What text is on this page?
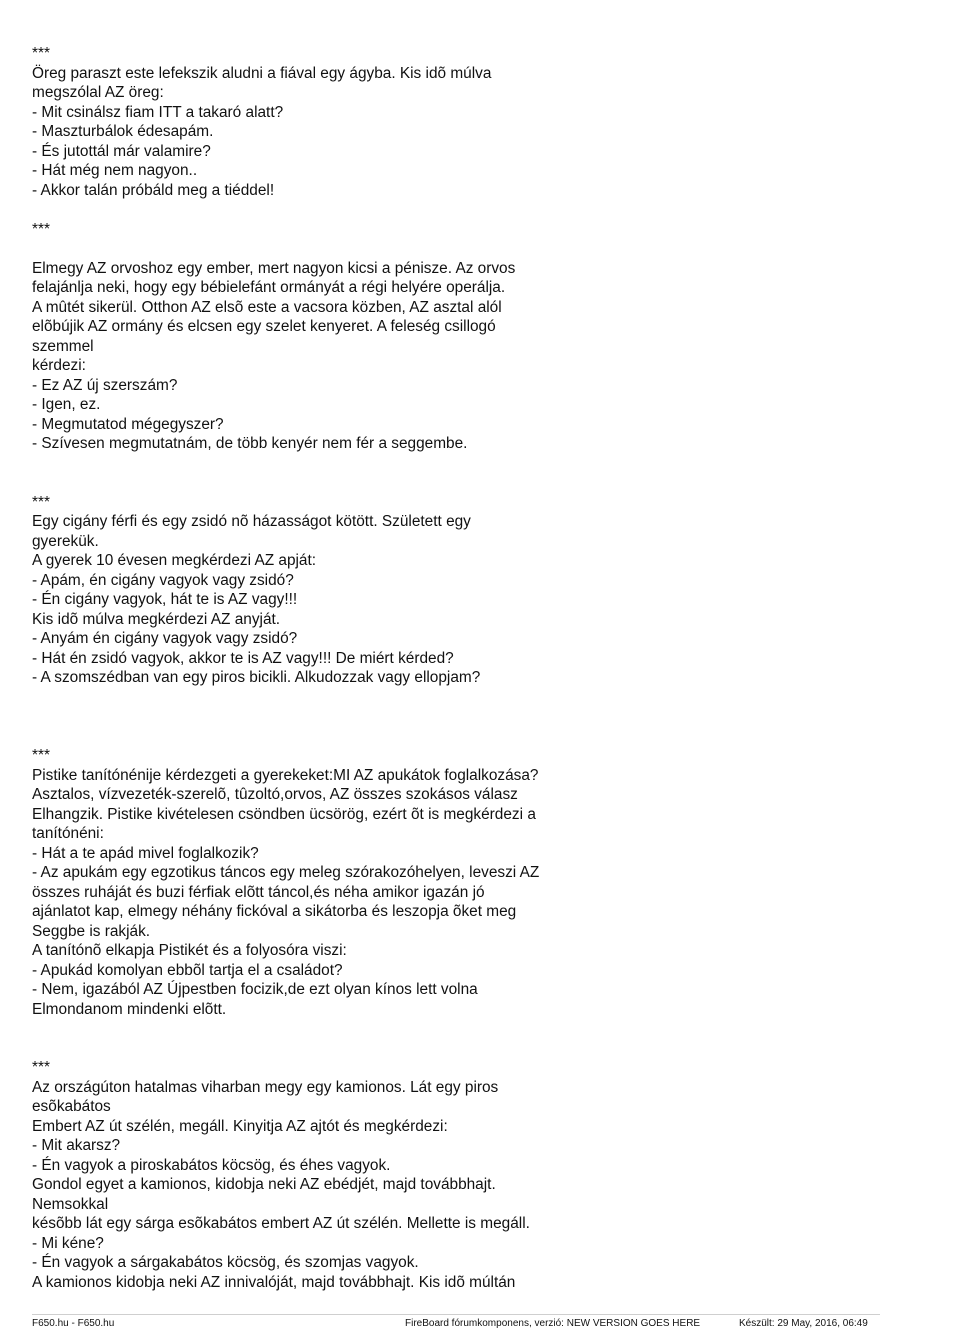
***
Öreg paraszt este lefekszik aludni a fiával egy ágyba. Kis idõ múlva
megszólal AZ öreg:
- Mit csinálsz fiam ITT a takaró alatt?
- Maszturbálok édesapám.
- És jutottál már valamire?
- Hát még nem nagyon..
- Akkor talán próbáld meg a tiéddel!
***
Elmegy AZ orvoshoz egy ember, mert nagyon kicsi a pénisze. Az orvos
felajánlja neki, hogy egy bébielefánt ormányát a régi helyére operálja.
A mûtét sikerül. Otthon AZ elsõ este a vacsora közben, AZ asztal alól
elõbújik AZ ormány és elcsen egy szelet kenyeret. A feleség csillogó
szemmel
kérdezi:
- Ez AZ új szerszám?
- Igen, ez.
- Megmutatod mégegyszer?
- Szívesen megmutatnám, de több kenyér nem fér a seggembe.
***
Egy cigány férfi és egy zsidó nõ házasságot kötött. Született egy
gyerekük.
A gyerek 10 évesen megkérdezi AZ apját:
- Apám, én cigány vagyok vagy zsidó?
- Én cigány vagyok, hát te is AZ vagy!!!
Kis idõ múlva megkérdezi AZ anyját.
- Anyám én cigány vagyok vagy zsidó?
- Hát én zsidó vagyok, akkor te is AZ vagy!!! De miért kérded?
- A szomszédban van egy piros bicikli. Alkudozzak vagy ellopjam?
***
Pistike tanítónénije kérdezgeti a gyerekeket:MI AZ apukátok foglalkozása?
Asztalos, vízvezeték-szerelõ, tûzoltó,orvos, AZ összes szokásos válasz
Elhangzik. Pistike kivételesen csöndben ücsörög, ezért õt is megkérdezi a
tanítónéni:
- Hát a te apád mivel foglalkozik?
- Az apukám egy egzotikus táncos egy meleg szórakozóhelyen, leveszi AZ
összes ruháját és buzi férfiak elõtt táncol,és néha amikor igazán jó
ajánlatot kap, elmegy néhány fickóval a sikátorba és leszopja õket meg
Seggbe is rakják.
A tanítónõ elkapja Pistikét és a folyosóra viszi:
- Apukád komolyan ebbõl tartja el a családot?
- Nem, igazából AZ Újpestben focizik,de ezt olyan kínos lett volna
Elmondanom mindenki elõtt.
***
Az országúton hatalmas viharban megy egy kamionos. Lát egy piros
esõkabátos
Embert AZ út szélén, megáll. Kinyitja AZ ajtót és megkérdezi:
- Mit akarsz?
- Én vagyok a piroskabátos köcsög, és éhes vagyok.
Gondol egyet a kamionos, kidobja neki AZ ebédjét, majd továbbhajt.
Nemsokkal
késõbb lát egy sárga esõkabátos embert AZ út szélén. Mellette is megáll.
- Mi kéne?
- Én vagyok a sárgakabátos köcsög, és szomjas vagyok.
A kamionos kidobja neki AZ innivalóját, majd továbbhajt. Kis idõ múltán
F650.hu - F650.hu	FireBoard fórumkomponens, verzió: NEW VERSION GOES HERE	Készült: 29 May, 2016, 06:49
